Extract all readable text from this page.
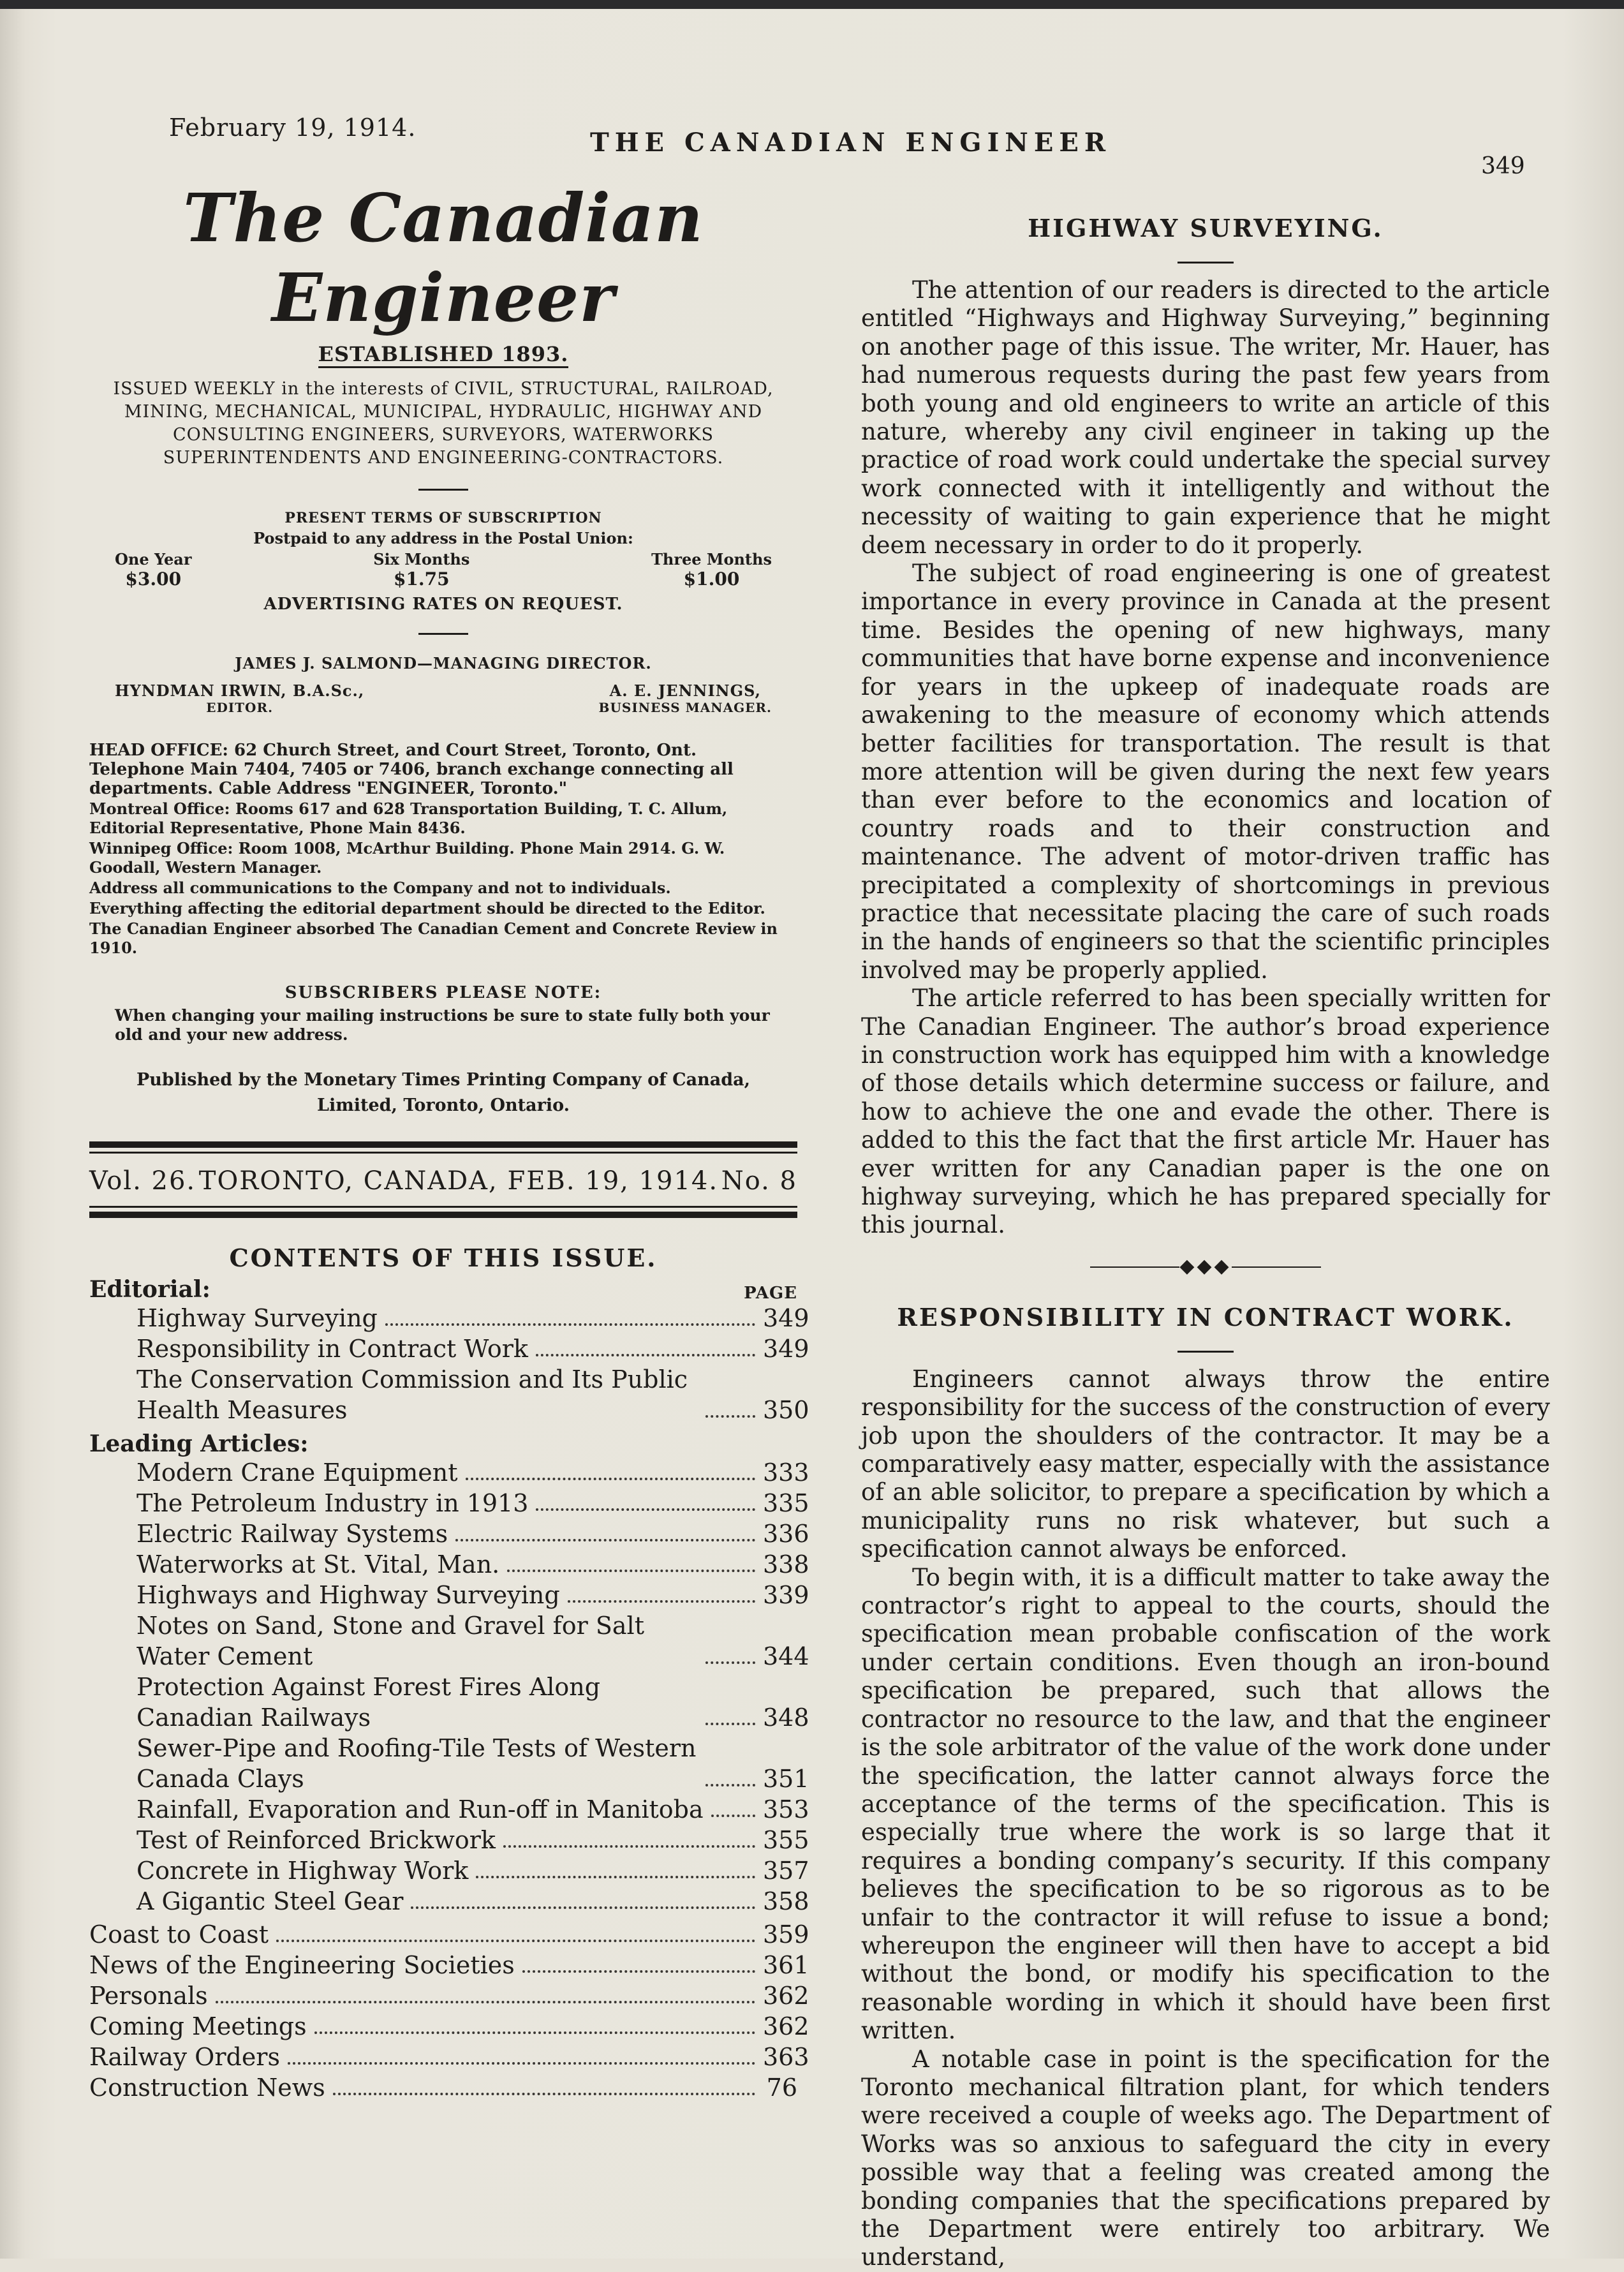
February 19, 1914.	THE CANADIAN ENGINEER
349
The Canadian Engineer
ESTABLISHED 1893.
ISSUED WEEKLY in the interests of CIVIL, STRUCTURAL, RAILROAD, MINING, MECHANICAL, MUNICIPAL, HYDRAULIC, HIGHWAY AND CONSULTING ENGINEERS, SURVEYORS, WATERWORKS SUPERINTENDENTS AND ENGINEERING-CONTRACTORS.
PRESENT TERMS OF SUBSCRIPTION
Postpaid to any address in the Postal Union:
One Year
$3.00
Six Months
$1.75
Three Months
$1.00
ADVERTISING RATES ON REQUEST.
JAMES J. SALMOND—MANAGING DIRECTOR.
HYNDMAN IRWIN, B.A.Sc.,
EDITOR.
A. E. JENNINGS,
BUSINESS MANAGER.
HEAD OFFICE: 62 Church Street, and Court Street, Toronto, Ont. Telephone Main 7404, 7405 or 7406, branch exchange connecting all departments. Cable Address "ENGINEER, Toronto."
Montreal Office: Rooms 617 and 628 Transportation Building, T. C. Allum, Editorial Representative, Phone Main 8436.
Winnipeg Office: Room 1008, McArthur Building. Phone Main 2914. G. W. Goodall, Western Manager.
Address all communications to the Company and not to individuals.
Everything affecting the editorial department should be directed to the Editor.
The Canadian Engineer absorbed The Canadian Cement and Concrete Review in 1910.
SUBSCRIBERS PLEASE NOTE:
When changing your mailing instructions be sure to state fully both your old and your new address.
Published by the Monetary Times Printing Company of Canada,
Limited, Toronto, Ontario.
Vol. 26. TORONTO, CANADA, FEB. 19, 1914. No. 8
CONTENTS OF THIS ISSUE.
Editorial:	PAGE
Highway Surveying	349
Responsibility in Contract Work	349
The Conservation Commission and Its Public Health Measures	350
Leading Articles:
Modern Crane Equipment	333
The Petroleum Industry in 1913	335
Electric Railway Systems	336
Waterworks at St. Vital, Man.	338
Highways and Highway Surveying	339
Notes on Sand, Stone and Gravel for Salt Water Cement	344
Protection Against Forest Fires Along Canadian Railways	348
Sewer-Pipe and Roofing-Tile Tests of Western Canada Clays	351
Rainfall, Evaporation and Run-off in Manitoba 353
Test of Reinforced Brickwork	355
Concrete in Highway Work	357
A Gigantic Steel Gear	358
Coast to Coast	359
News of the Engineering Societies	361
Personals	362
Coming Meetings	362
Railway Orders	363
Construction News	76
HIGHWAY SURVEYING.

The attention of our readers is directed to the article entitled “Highways and Highway Surveying,” beginning on another page of this issue. The writer, Mr. Hauer, has had numerous requests during the past few years from both young and old engineers to write an article of this nature, whereby any civil engineer in taking up the practice of road work could undertake the special survey work connected with it intelligently and without the necessity of waiting to gain experience that he might deem necessary in order to do it properly.

The subject of road engineering is one of greatest importance in every province in Canada at the present time. Besides the opening of new highways, many communities that have borne expense and inconvenience for years in the upkeep of inadequate roads are awakening to the measure of economy which attends better facilities for transportation. The result is that more attention will be given during the next few years than ever before to the economics and location of country roads and to their construction and maintenance. The advent of motor-driven traffic has precipitated a complexity of shortcomings in previous practice that necessitate placing the care of such roads in the hands of engineers so that the scientific principles involved may be properly applied.

The article referred to has been specially written for The Canadian Engineer. The author’s broad experience in construction work has equipped him with a knowledge of those details which determine success or failure, and how to achieve the one and evade the other. There is added to this the fact that the first article Mr. Hauer has ever written for any Canadian paper is the one on highway surveying, which he has prepared specially for this journal.

◆◆◆
RESPONSIBILITY IN CONTRACT WORK.

Engineers cannot always throw the entire responsibility for the success of the construction of every job upon the shoulders of the contractor. It may be a comparatively easy matter, especially with the assistance of an able solicitor, to prepare a specification by which a municipality runs no risk whatever, but such a specification cannot always be enforced.

To begin with, it is a difficult matter to take away the contractor’s right to appeal to the courts, should the specification mean probable confiscation of the work under certain conditions. Even though an iron-bound specification be prepared, such that allows the contractor no resource to the law, and that the engineer is the sole arbitrator of the value of the work done under the specification, the latter cannot always force the acceptance of the terms of the specification. This is especially true where the work is so large that it requires a bonding company’s security. If this company believes the specification to be so rigorous as to be unfair to the contractor it will refuse to issue a bond; whereupon the engineer will then have to accept a bid without the bond, or modify his specification to the reasonable wording in which it should have been first written.

A notable case in point is the specification for the Toronto mechanical filtration plant, for which tenders were received a couple of weeks ago. The Department of Works was so anxious to safeguard the city in every possible way that a feeling was created among the bonding companies that the specifications prepared by the Department were entirely too arbitrary. We understand,
